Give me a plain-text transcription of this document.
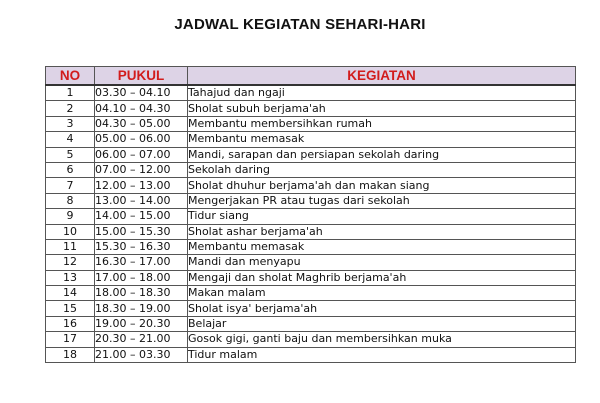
JADWAL KEGIATAN SEHARI-HARI
NO	PUKUL	KEGIATAN
1	03.30 – 04.10	Tahajud dan ngaji
2	04.10 – 04.30	Sholat subuh berjama'ah
3	04.30 – 05.00	Membantu membersihkan rumah
4	05.00 – 06.00	Membantu memasak
5	06.00 – 07.00	Mandi, sarapan dan persiapan sekolah daring
6	07.00 – 12.00	Sekolah daring
7	12.00 – 13.00	Sholat dhuhur berjama'ah dan makan siang
8	13.00 – 14.00	Mengerjakan PR atau tugas dari sekolah
9	14.00 – 15.00	Tidur siang
10	15.00 – 15.30	Sholat ashar berjama'ah
11	15.30 – 16.30	Membantu memasak
12	16.30 – 17.00	Mandi dan menyapu
13	17.00 – 18.00	Mengaji dan sholat Maghrib berjama'ah
14	18.00 – 18.30	Makan malam
15	18.30 – 19.00	Sholat isya' berjama'ah
16	19.00 – 20.30	Belajar
17	20.30 – 21.00	Gosok gigi, ganti baju dan membersihkan muka
18	21.00 – 03.30	Tidur malam
